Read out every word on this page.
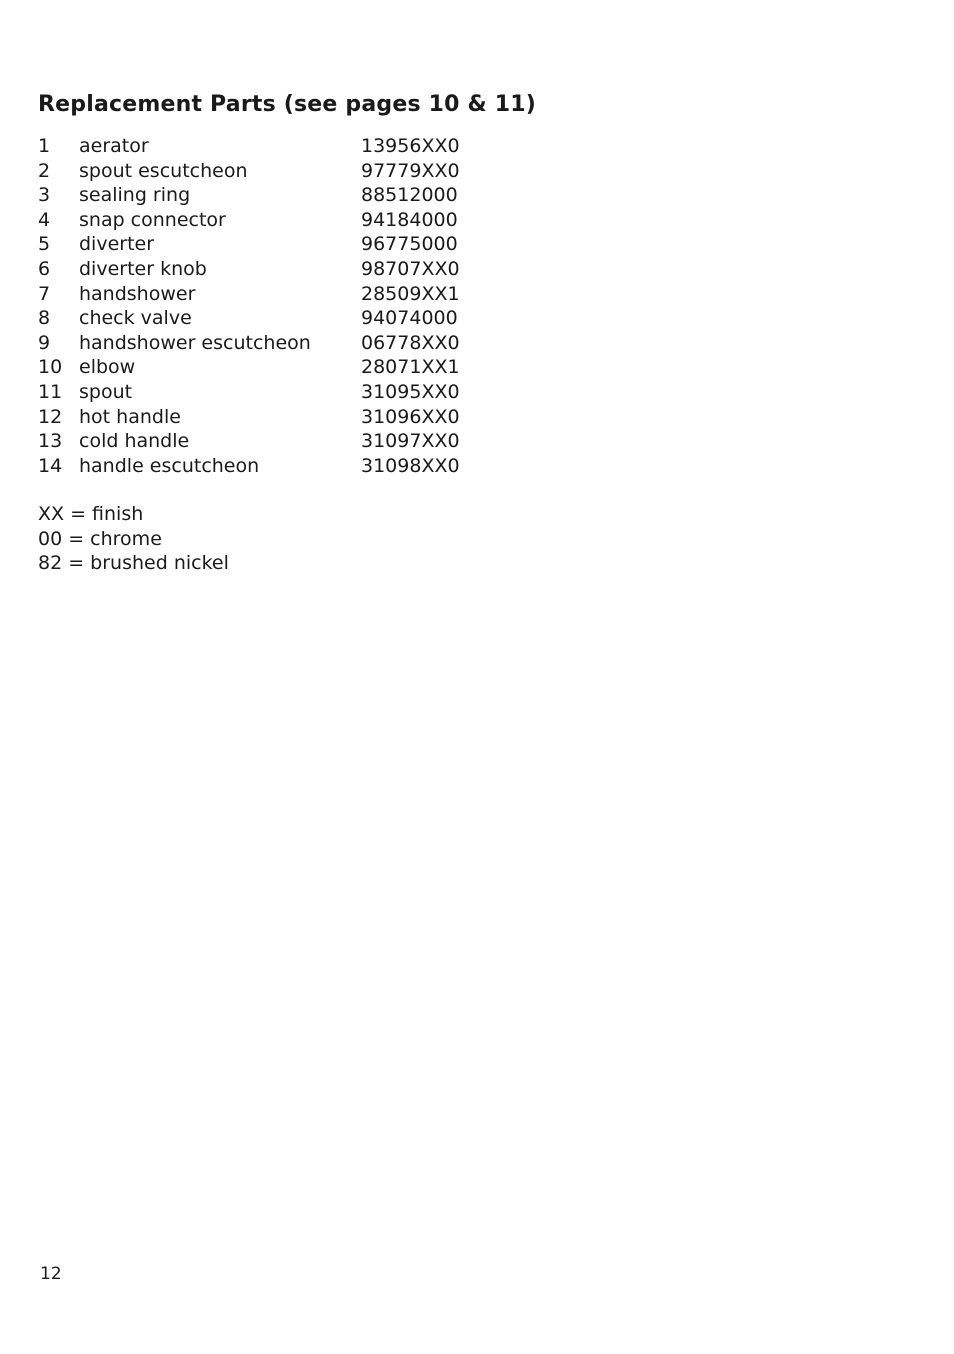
Replacement Parts (see pages 10 & 11)
1 aerator	13956XX0
2 spout escutcheon	97779XX0
3 sealing ring	88512000
4 snap connector	94184000
5 diverter	96775000
6 diverter knob	98707XX0
7 handshower	28509XX1
8 check valve	94074000
9 handshower escutcheon	06778XX0
10 elbow	28071XX1
11 spout	31095XX0
12 hot handle	31096XX0
13 cold handle	31097XX0
14 handle escutcheon	31098XX0
XX = finish
00 = chrome
82 = brushed nickel
12
